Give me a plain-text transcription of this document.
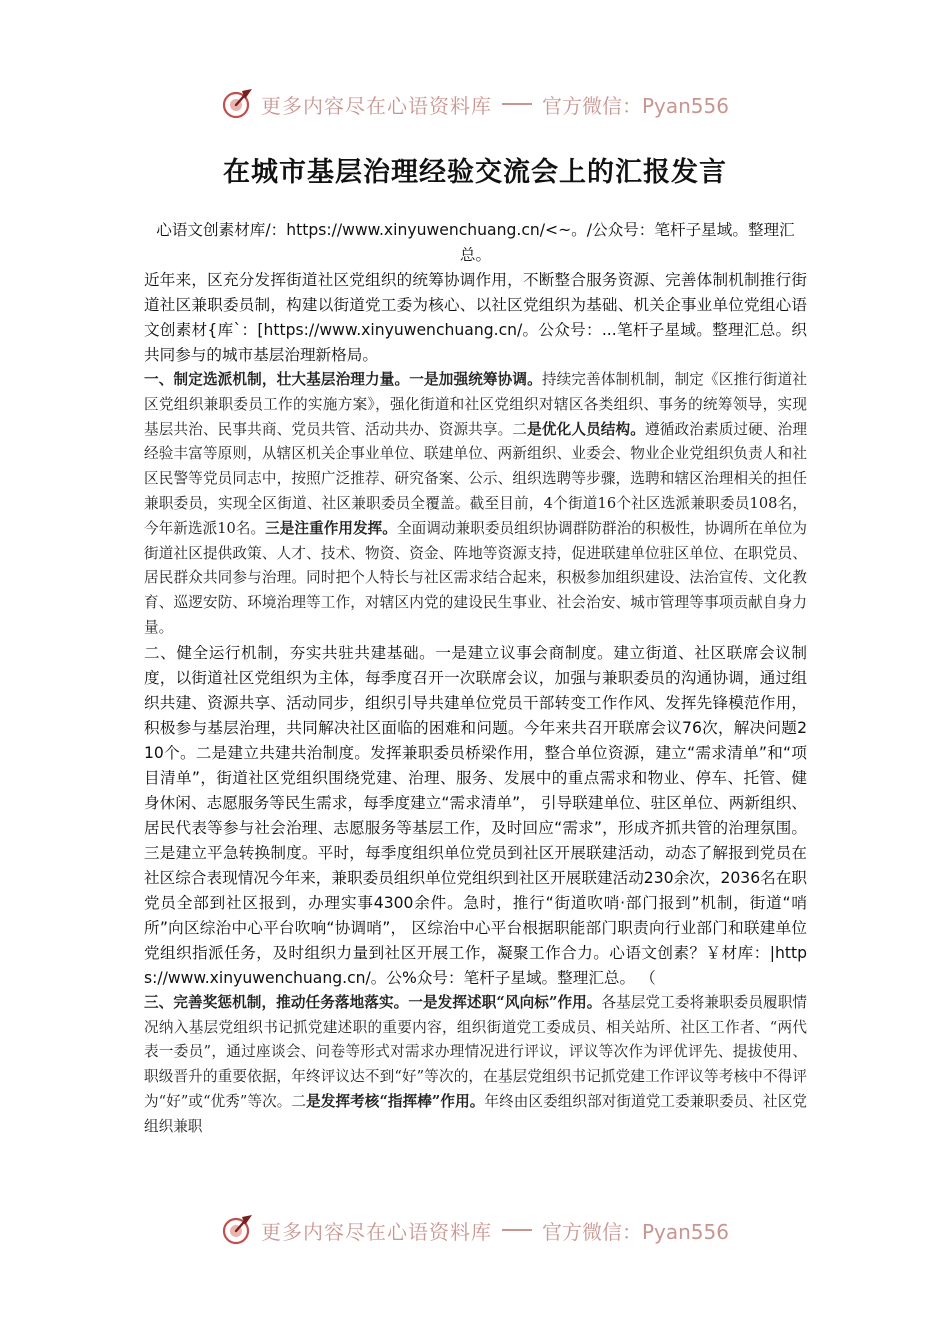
更多内容尽在心语资料库	官方微信：Pyan556
在城市基层治理经验交流会上的汇报发言

心语文创素材库/：https://www.xinyuwenchuang.cn/<~。/公众号：笔杆子星域。整理汇总。

近年来，区充分发挥街道社区党组织的统筹协调作用，不断整合服务资源、完善体制机制推行街道社区兼职委员制，构建以街道党工委为核心、以社区党组织为基础、机关企事业单位党组心语文创素材{库`：[https://www.xinyuwenchuang.cn/。公众号：...笔杆子星域。整理汇总。织共同参与的城市基层治理新格局。

一、制定选派机制，壮大基层治理力量。一是加强统筹协调。持续完善体制机制，制定《区推行街道社区党组织兼职委员工作的实施方案》，强化街道和社区党组织对辖区各类组织、事务的统筹领导，实现基层共治、民事共商、党员共管、活动共办、资源共享。二是优化人员结构。遵循政治素质过硬、治理经验丰富等原则，从辖区机关企事业单位、联建单位、两新组织、业委会、物业企业党组织负责人和社区民警等党员同志中，按照广泛推荐、研究备案、公示、组织选聘等步骤，选聘和辖区治理相关的担任兼职委员，实现全区街道、社区兼职委员全覆盖。截至目前，4个街道16个社区选派兼职委员108名，今年新选派10名。三是注重作用发挥。全面调动兼职委员组织协调群防群治的积极性，协调所在单位为街道社区提供政策、人才、技术、物资、资金、阵地等资源支持，促进联建单位驻区单位、在职党员、居民群众共同参与治理。同时把个人特长与社区需求结合起来，积极参加组织建设、法治宣传、文化教育、巡逻安防、环境治理等工作，对辖区内党的建设民生事业、社会治安、城市管理等事项贡献自身力量。

二、健全运行机制，夯实共驻共建基础。一是建立议事会商制度。建立街道、社区联席会议制度，以街道社区党组织为主体，每季度召开一次联席会议，加强与兼职委员的沟通协调，通过组织共建、资源共享、活动同步，组织引导共建单位党员干部转变工作作风、发挥先锋模范作用，积极参与基层治理，共同解决社区面临的困难和问题。今年来共召开联席会议76次，解决问题210个。二是建立共建共治制度。发挥兼职委员桥梁作用，整合单位资源，建立“需求清单”和“项目清单”，街道社区党组织围绕党建、治理、服务、发展中的重点需求和物业、停车、托管、健身休闲、志愿服务等民生需求，每季度建立“需求清单”， 引导联建单位、驻区单位、两新组织、居民代表等参与社会治理、志愿服务等基层工作，及时回应“需求”，形成齐抓共管的治理氛围。三是建立平急转换制度。平时，每季度组织单位党员到社区开展联建活动，动态了解报到党员在社区综合表现情况今年来，兼职委员组织单位党组织到社区开展联建活动230余次，2036名在职党员全部到社区报到，办理实事4300余件。急时，推行“街道吹哨·部门报到”机制，街道“哨所”向区综治中心平台吹响“协调哨”， 区综治中心平台根据职能部门职责向行业部门和联建单位党组织指派任务，及时组织力量到社区开展工作，凝聚工作合力。心语文创素？￥材库：|https://www.xinyuwenchuang.cn/。公%众号：笔杆子星域。整理汇总。 （

三、完善奖惩机制，推动任务落地落实。一是发挥述职“风向标”作用。各基层党工委将兼职委员履职情况纳入基层党组织书记抓党建述职的重要内容，组织街道党工委成员、相关站所、社区工作者、“两代表一委员”，通过座谈会、问卷等形式对需求办理情况进行评议，评议等次作为评优评先、提拔使用、职级晋升的重要依据，年终评议达不到“好”等次的，在基层党组织书记抓党建工作评议等考核中不得评为“好”或“优秀”等次。二是发挥考核“指挥棒”作用。年终由区委组织部对街道党工委兼职委员、社区党组织兼职

更多内容尽在心语资料库	官方微信：Pyan556
